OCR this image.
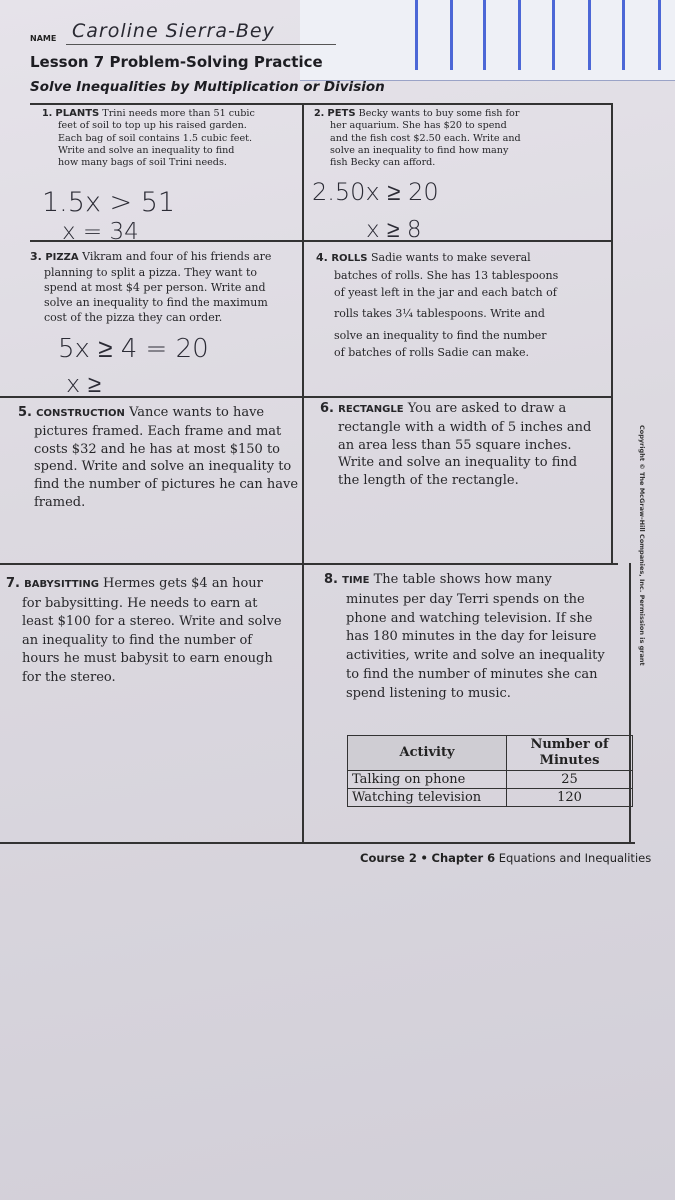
NAME Caroline Sierra-Bey
Lesson 7 Problem-Solving Practice
Solve Inequalities by Multiplication or Division
1. PLANTS Trini needs more than 51 cubic
feet of soil to top up his raised garden.
Each bag of soil contains 1.5 cubic feet.
Write and solve an inequality to find
how many bags of soil Trini needs.
1.5x > 51
x = 34
2. PETS Becky wants to buy some fish for
her aquarium. She has $20 to spend
and the fish cost $2.50 each. Write and
solve an inequality to find how many
fish Becky can afford.
2.50x ≥ 20
x ≥ 8
3. PIZZA Vikram and four of his friends are
planning to split a pizza. They want to
spend at most $4 per person. Write and
solve an inequality to find the maximum
cost of the pizza they can order.
5x ≥ 4 = 20
x ≥
4. ROLLS Sadie wants to make several
batches of rolls. She has 13 tablespoons
of yeast left in the jar and each batch of
rolls takes 3¼ tablespoons. Write and
solve an inequality to find the number
of batches of rolls Sadie can make.
5. CONSTRUCTION Vance wants to have
pictures framed. Each frame and mat
costs $32 and he has at most $150 to
spend. Write and solve an inequality to
find the number of pictures he can have
framed.
6. RECTANGLE You are asked to draw a
rectangle with a width of 5 inches and
an area less than 55 square inches.
Write and solve an inequality to find
the length of the rectangle.
7. BABYSITTING Hermes gets $4 an hour
for babysitting. He needs to earn at
least $100 for a stereo. Write and solve
an inequality to find the number of
hours he must babysit to earn enough
for the stereo.
8. TIME The table shows how many
minutes per day Terri spends on the
phone and watching television. If she
has 180 minutes in the day for leisure
activities, write and solve an inequality
to find the number of minutes she can
spend listening to music.
Activity	Number of
Minutes
Talking on phone	25
Watching television	120
Course 2 • Chapter 6 Equations and Inequalities
Copyright © The McGraw-Hill Companies, Inc. Permission is grant
